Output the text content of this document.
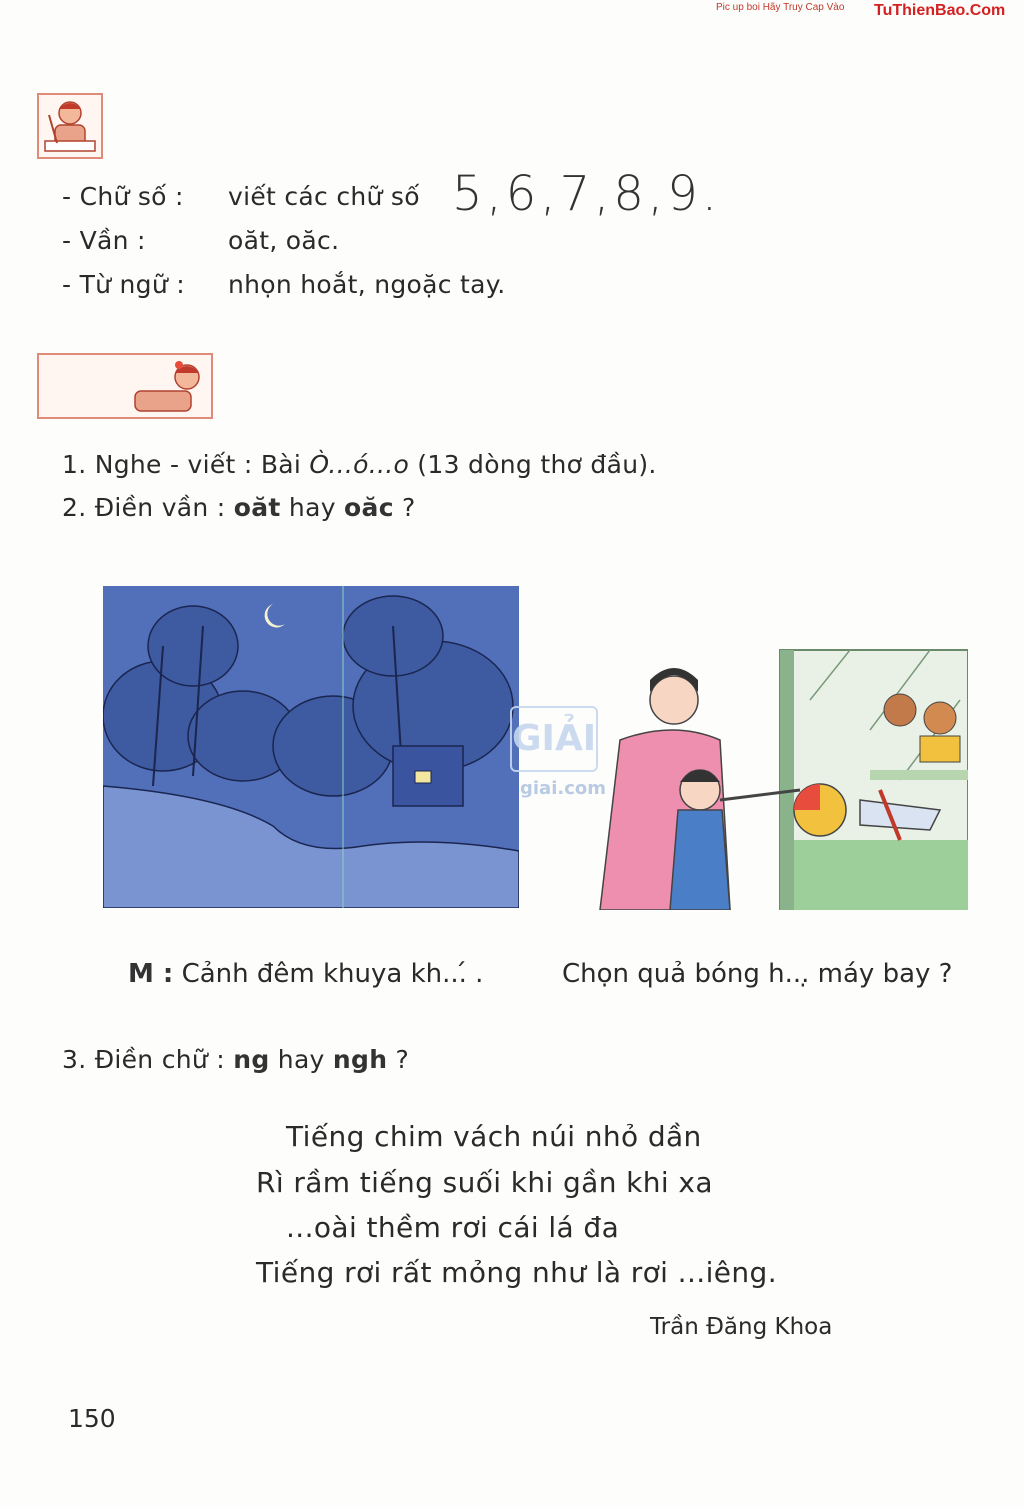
Pic up boi Hãy Truy Cap Vào TuThienBao.Com
- Chữ số : viết các chữ số 5,6,7,8,9.
- Vần :	oăt, oăc.
- Từ ngữ : nhọn hoắt, ngoặc tay.
1. Nghe - viết : Bài Ò...ó...o (13 dòng thơ đầu).
2. Điền vần : oăt hay oăc ?
GIẢI
giai.com
M : Cảnh đêm khuya kh...́ .	Chọn quả bóng h...̣ máy bay ?
3. Điền chữ : ng hay ngh ?
Tiếng chim vách núi nhỏ dần
Rì rầm tiếng suối khi gần khi xa
...oài thềm rơi cái lá đa
Tiếng rơi rất mỏng như là rơi ...iêng.
Trần Đăng Khoa
150
